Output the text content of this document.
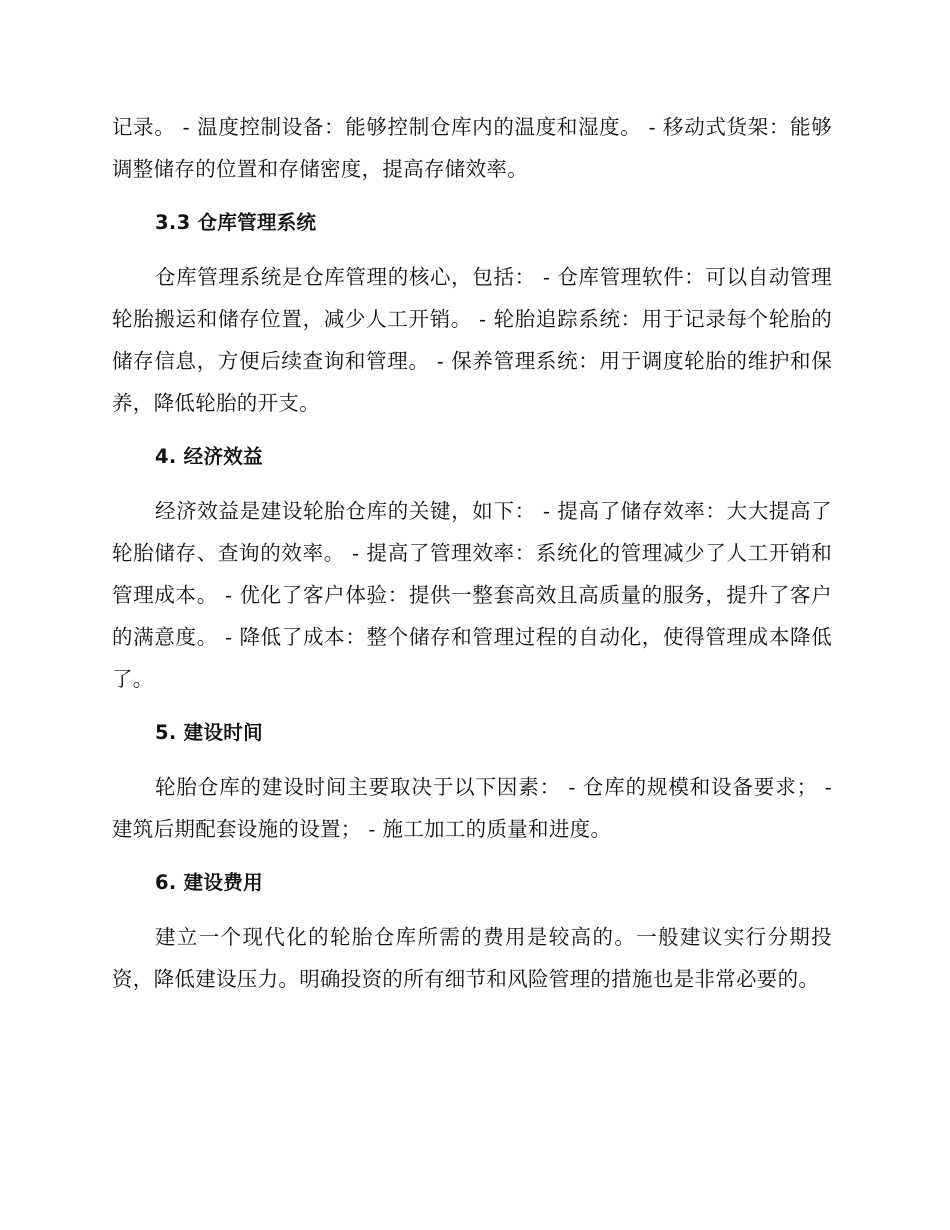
记录。 - 温度控制设备：能够控制仓库内的温度和湿度。 - 移动式货架：能够调整储存的位置和存储密度，提高存储效率。

3.3 仓库管理系统

仓库管理系统是仓库管理的核心，包括： - 仓库管理软件：可以自动管理轮胎搬运和储存位置，减少人工开销。 - 轮胎追踪系统：用于记录每个轮胎的储存信息，方便后续查询和管理。 - 保养管理系统：用于调度轮胎的维护和保养，降低轮胎的开支。

4. 经济效益

经济效益是建设轮胎仓库的关键，如下： - 提高了储存效率：大大提高了轮胎储存、查询的效率。 - 提高了管理效率：系统化的管理减少了人工开销和管理成本。 - 优化了客户体验：提供一整套高效且高质量的服务，提升了客户的满意度。 - 降低了成本：整个储存和管理过程的自动化，使得管理成本降低了。

5. 建设时间

轮胎仓库的建设时间主要取决于以下因素： - 仓库的规模和设备要求； - 建筑后期配套设施的设置； - 施工加工的质量和进度。

6. 建设费用

建立一个现代化的轮胎仓库所需的费用是较高的。一般建议实行分期投资，降低建设压力。明确投资的所有细节和风险管理的措施也是非常必要的。
